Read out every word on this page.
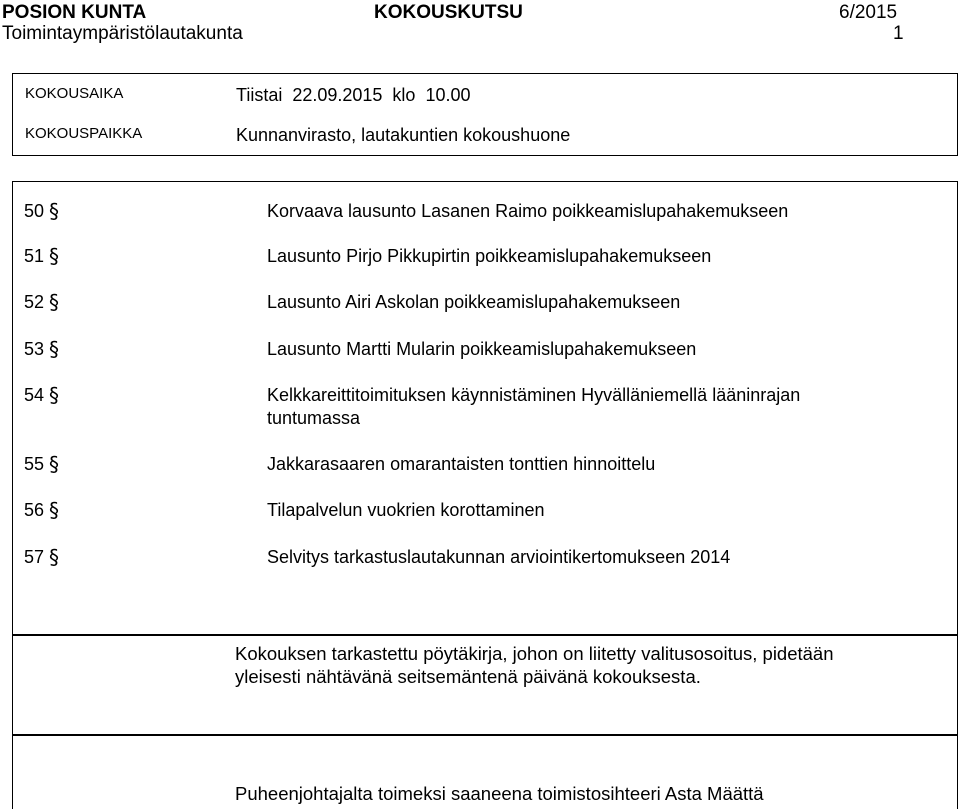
POSION KUNTA	KOKOUSKUTSU	6/2015
Toimintaympäristölautakunta	1
KOKOUSAIKA	Tiistai  22.09.2015  klo  10.00
KOKOUSPAIKKA	Kunnanvirasto, lautakuntien kokoushuone
50 §	Korvaava lausunto Lasanen Raimo poikkeamislupahakemukseen
51 §	Lausunto Pirjo Pikkupirtin poikkeamislupahakemukseen
52 §	Lausunto Airi Askolan poikkeamislupahakemukseen
53 §	Lausunto Martti Mularin poikkeamislupahakemukseen
54 §	Kelkkareittitoimituksen käynnistäminen Hyvälläniemellä lääninrajan tuntumassa
55 §	Jakkarasaaren omarantaisten tonttien hinnoittelu
56 §	Tilapalvelun vuokrien korottaminen
57 §	Selvitys tarkastuslautakunnan arviointikertomukseen 2014
Kokouksen tarkastettu pöytäkirja, johon on liitetty valitusosoitus, pidetään
yleisesti nähtävänä seitsemäntenä päivänä kokouksesta.
Puheenjohtajalta toimeksi saaneena toimistosihteeri Asta Määttä
